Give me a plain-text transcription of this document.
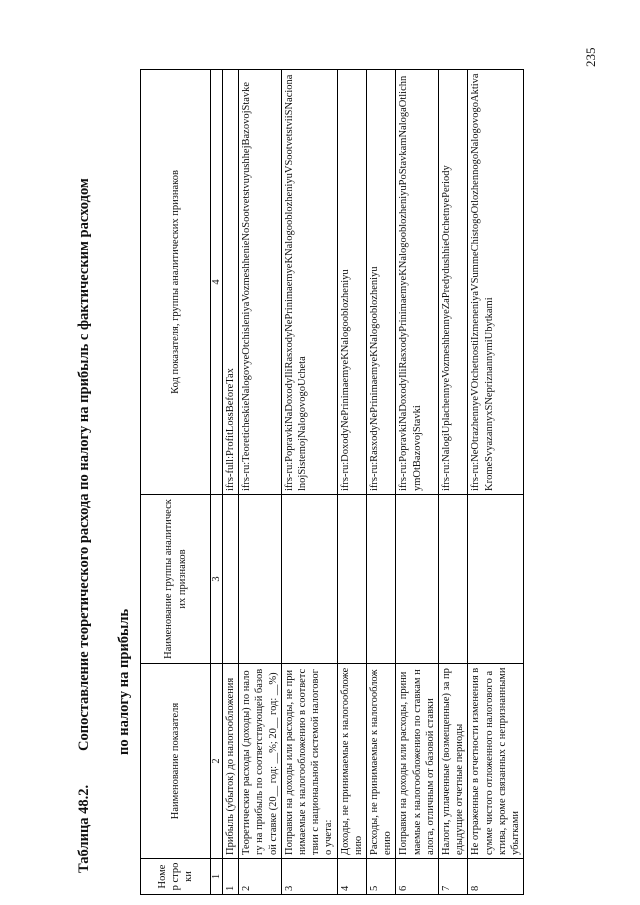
235
Таблица 48.2.Сопоставление теоретического расхода по налогу на прибыль с фактическим расходом по налогу на прибыль
Номер строки	Наименование показателя	Наименование группы аналитических признаков	Код показателя, группы аналитических признаков
1	2	3	4
1	Прибыль (убыток) до налогообложения		ifrs-full:ProfitLossBeforeTax
2	Теоретические расходы (доходы) по налогу на прибыль по соответствующей базовой ставке (20__ год: __%; 20__ год: __%)		ifrs-ru:TeoreticheskieNalogovyeOtchisleniyaVozmeshhenieNoSootvetstvuyushhejBazovojStavke
3	Поправки на доходы или расходы, не принимаемые к налогообложению в соответствии с национальной системой налогового учета:		ifrs-ru:PopravkiNaDoxodyIliRasxodyNePrinimaemyeKNalogooblozheniyuVSootvetstviiSNacionalnojSistemojNalogovogoUcheta
4	Доходы, не принимаемые к налогообложению		ifrs-ru:DoxodyNePrinimaemyeKNalogooblozheniyu
5	Расходы, не принимаемые к налогообложению		ifrs-ru:RasxodyNePrinimaemyeKNalogooblozheniyu
6	Поправки на доходы или расходы, принимаемые к налогообложению по ставкам налога, отличным от базовой ставки		ifrs-ru:PopravkiNaDoxodyIliRasxodyPrinimaemyeKNalogooblozheniyuPoStavkamNalogaOtlichnymOtBazovojStavki
7	Налоги, уплаченные (возмещенные) за предыдущие отчетные периоды		ifrs-ru:NalogiUplachennyeVozmeshhennyeZaPredydushhieOtchetnyePeriody
8	Не отраженные в отчетности изменения в сумме чистого отложенного налогового актива, кроме связанных с непризнанными убытками		ifrs-ru:NeOtrazhennyeVOtchetnostiIzmeneniyaVSummeChistogoOtlozhennogoNalogovogoAktivaKromeSvyazannyxSNepriznannymiUbytkami
